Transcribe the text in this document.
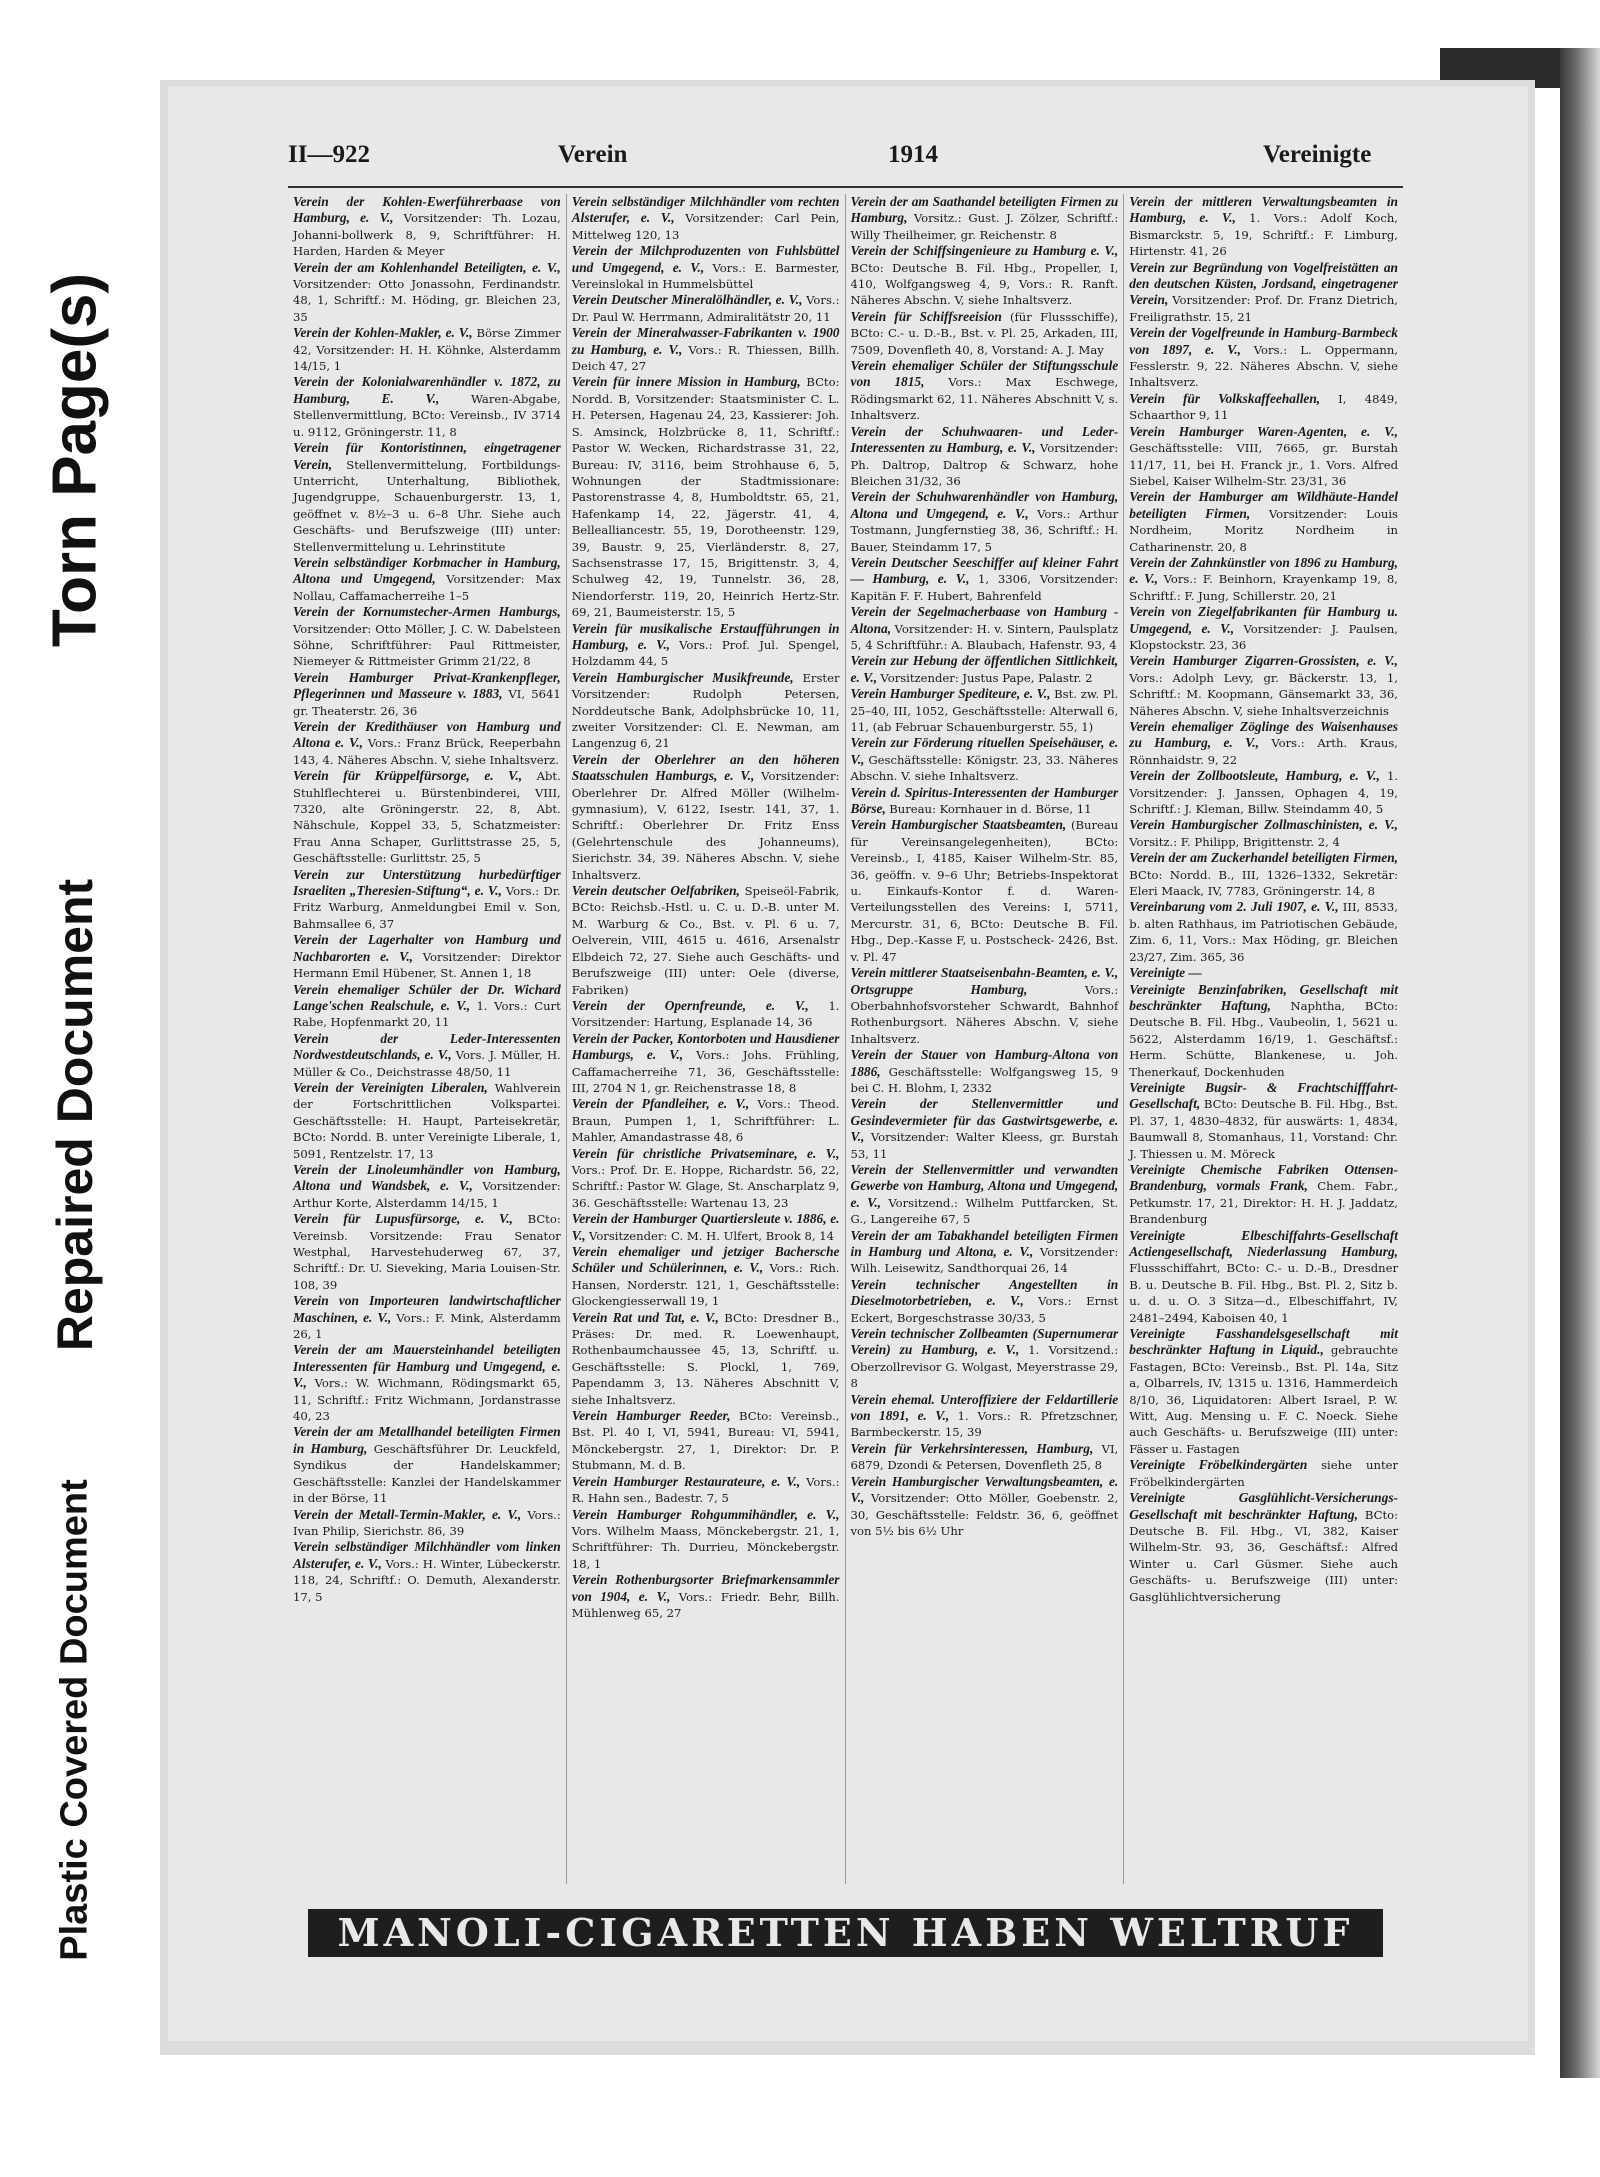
Torn Page(s)
Repaired Document
Plastic Covered Document
II—922	Verein	1914	Vereinigte

Verein der Kohlen-Ewerführerbaase von Hamburg, e. V., Vorsitzender: Th. Lozau, Johanni-bollwerk 8, 9, Schriftführer: H. Harden, Harden & Meyer

Verein der am Kohlenhandel Beteiligten, e. V., Vorsitzender: Otto Jonassohn, Ferdinandstr. 48, 1, Schriftf.: M. Höding, gr. Bleichen 23, 35

Verein der Kohlen-Makler, e. V., Börse Zimmer 42, Vorsitzender: H. H. Köhnke, Alsterdamm 14/15, 1

Verein der Kolonialwarenhändler v. 1872, zu Hamburg, E. V.,	Waren-Abgabe, Stellenvermittlung, BCto: Vereinsb., IV 3714 u. 9112, Gröningerstr. 11, 8

Verein für Kontoristinnen, eingetragener Verein, Stellenvermittelung, Fortbildungs-Unterricht, Unterhaltung, Bibliothek, Jugendgruppe, Schauenburgerstr. 13, 1, geöffnet v. 8½–3 u. 6–8 Uhr. Siehe auch Geschäfts- und Berufszweige (III) unter: Stellenvermittelung u. Lehrinstitute

Verein selbständiger Korbmacher in Hamburg, Altona und Umgegend, Vorsitzender: Max Nollau, Caffamacherreihe 1–5

Verein der Kornumstecher-Armen Hamburgs, Vorsitzender: Otto Möller, J. C. W. Dabelsteen Söhne, Schriftführer: Paul Rittmeister, Niemeyer & Rittmeister Grimm 21/22, 8

Verein Hamburger Privat-Krankenpfleger, Pflegerinnen und Masseure v. 1883, VI, 5641 gr. Theaterstr. 26, 36

Verein der Kredithäuser von Hamburg und Altona e. V., Vors.: Franz Brück, Reeperbahn 143, 4. Näheres Abschn. V, siehe Inhaltsverz.

Verein für Krüppelfürsorge, e. V., Abt. Stuhlflechterei u. Bürstenbinderei, VIII, 7320, alte Gröningerstr. 22, 8, Abt. Nähschule, Koppel 33, 5, Schatzmeister: Frau Anna Schaper, Gurlittstrasse 25, 5, Geschäftsstelle: Gurlittstr. 25, 5

Verein zur Unterstützung hurbedürftiger Israeliten „Theresien-Stiftung“, e. V., Vors.: Dr. Fritz Warburg, Anmeldungbei Emil v. Son, Bahmsallee 6, 37

Verein der Lagerhalter von Hamburg und Nachbarorten e. V., Vorsitzender: Direktor Hermann Emil Hübener, St. Annen 1, 18

Verein ehemaliger Schüler der Dr. Wichard Lange'schen Realschule, e. V., 1. Vors.: Curt Rabe, Hopfenmarkt 20, 11

Verein der Leder-Interessenten Nordwestdeutschlands, e. V., Vors. J. Müller, H. Müller & Co., Deichstrasse 48/50, 11

Verein der Vereinigten Liberalen, Wahlverein der Fortschrittlichen Volkspartei. Geschäftsstelle: H. Haupt, Parteisekretär, BCto: Nordd. B. unter Vereinigte Liberale, 1, 5091, Rentzelstr. 17, 13

Verein der Linoleumhändler von Hamburg, Altona und Wandsbek, e. V., Vorsitzender: Arthur Korte, Alsterdamm 14/15, 1

Verein für Lupusfürsorge, e. V., BCto: Vereinsb. Vorsitzende: Frau Senator Westphal, Harvestehuderweg 67, 37, Schriftf.: Dr. U. Sieveking, Maria Louisen-Str. 108, 39

Verein von Importeuren landwirtschaftlicher Maschinen, e. V., Vors.: F. Mink, Alsterdamm 26, 1

Verein der am Mauersteinhandel beteiligten Interessenten für Hamburg und Umgegend, e. V., Vors.: W. Wichmann, Rödingsmarkt 65, 11, Schriftf.: Fritz Wichmann, Jordanstrasse 40, 23

Verein der am Metallhandel beteiligten Firmen in Hamburg, Geschäftsführer Dr. Leuckfeld, Syndikus der Handelskammer; Geschäftsstelle: Kanzlei der Handelskammer in der Börse, 11

Verein der Metall-Termin-Makler, e. V., Vors.: Ivan Philip, Sierichstr. 86, 39

Verein selbständiger Milchhändler vom linken Alsterufer, e. V., Vors.: H. Winter, Lübeckerstr. 118, 24, Schriftf.: O. Demuth, Alexanderstr. 17, 5

Verein selbständiger Milchhändler vom rechten Alsterufer, e. V., Vorsitzender: Carl Pein, Mittelweg 120, 13

Verein der Milchproduzenten von Fuhlsbüttel und Umgegend, e. V., Vors.: E. Barmester, Vereinslokal in Hummelsbüttel

Verein Deutscher Mineralölhändler, e. V., Vors.: Dr. Paul W. Herrmann, Admiralitätstr 20, 11

Verein der Mineralwasser-Fabrikanten v. 1900 zu Hamburg, e. V., Vors.: R. Thiessen, Billh. Deich 47, 27

Verein für innere Mission in Hamburg, BCto: Nordd. B, Vorsitzender: Staatsminister C. L. H. Petersen, Hagenau 24, 23, Kassierer: Joh. S. Amsinck, Holzbrücke 8, 11, Schriftf.: Pastor W. Wecken, Richardstrasse 31, 22, Bureau: IV, 3116, beim Strohhause 6, 5, Wohnungen der Stadtmissionare: Pastorenstrasse 4, 8, Humboldtstr. 65, 21, Hafenkamp 14, 22, Jägerstr. 41, 4, Bellealliancestr. 55, 19, Dorotheenstr. 129, 39, Baustr. 9, 25, Vierländerstr. 8, 27, Sachsenstrasse 17, 15, Brigittenstr. 3, 4, Schulweg 42, 19, Tunnelstr. 36, 28, Niendorferstr. 119, 20, Heinrich Hertz-Str. 69, 21, Baumeisterstr. 15, 5

Verein für musikalische Erstaufführungen in Hamburg, e. V., Vors.: Prof. Jul. Spengel, Holzdamm 44, 5

Verein Hamburgischer Musikfreunde, Erster Vorsitzender: Rudolph Petersen, Norddeutsche Bank, Adolphsbrücke 10, 11, zweiter Vorsitzender: Cl. E. Newman, am Langenzug 6, 21

Verein der Oberlehrer an den höheren Staatsschulen Hamburgs, e. V., Vorsitzender: Oberlehrer Dr. Alfred Möller (Wilhelm-gymnasium), V, 6122, Isestr. 141, 37, 1. Schriftf.: Oberlehrer Dr. Fritz Enss (Gelehrtenschule des Johanneums), Sierichstr. 34, 39. Näheres Abschn. V, siehe Inhaltsverz.

Verein deutscher Oelfabriken, Speiseöl-Fabrik, BCto: Reichsb.-Hstl. u. C. u. D.-B. unter M. M. Warburg & Co., Bst. v. Pl. 6 u. 7, Oelverein, VIII, 4615 u. 4616, Arsenalstr Elbdeich 72, 27. Siehe auch Geschäfts- und Berufszweige (III) unter: Oele (diverse, Fabriken)

Verein der Opernfreunde, e. V., 1. Vorsitzender: Hartung, Esplanade 14, 36

Verein der Packer, Kontorboten und Hausdiener Hamburgs, e. V., Vors.: Johs. Frühling, Caffamacherreihe 71, 36, Geschäftsstelle: III, 2704 N 1, gr. Reichenstrasse 18, 8

Verein der Pfandleiher, e. V., Vors.: Theod. Braun, Pumpen 1, 1, Schriftführer: L. Mahler, Amandastrasse 48, 6

Verein für christliche Privatseminare, e. V., Vors.: Prof. Dr. E. Hoppe, Richardstr. 56, 22, Schriftf.: Pastor W. Glage, St. Anscharplatz 9, 36. Geschäftsstelle: Wartenau 13, 23

Verein der Hamburger Quartiersleute v. 1886, e. V., Vorsitzender: C. M. H. Ulfert, Brook 8, 14

Verein ehemaliger und jetziger Bachersche Schüler und Schülerinnen, e. V., Vors.: Rich. Hansen, Norderstr. 121, 1, Geschäftsstelle: Glockengiesserwall 19, 1

Verein Rat und Tat, e. V., BCto: Dresdner B., Präses: Dr. med. R. Loewenhaupt, Rothenbaumchaussee 45, 13, Schriftf. u. Geschäftsstelle: S. Plockl, 1, 769, Papendamm 3, 13. Näheres Abschnitt V, siehe Inhaltsverz.

Verein Hamburger Reeder, BCto: Vereinsb., Bst. Pl. 40 I, VI, 5941, Bureau: VI, 5941, Mönckebergstr. 27, 1, Direktor: Dr. P. Stubmann, M. d. B.

Verein Hamburger Restaurateure, e. V., Vors.: R. Hahn sen., Badestr. 7, 5

Verein Hamburger Rohgummihändler, e. V., Vors. Wilhelm Maass, Mönckebergstr. 21, 1, Schriftführer: Th. Durrieu, Mönckebergstr. 18, 1

Verein Rothenburgsorter Briefmarkensammler von 1904, e. V., Vors.: Friedr. Behr, Billh. Mühlenweg 65, 27

Verein der am Saathandel beteiligten Firmen zu Hamburg, Vorsitz.: Gust. J. Zölzer, Schriftf.: Willy Theilheimer, gr. Reichenstr. 8

Verein der Schiffsingenieure zu Hamburg e. V., BCto: Deutsche B. Fil. Hbg., Propeller, I, 410, Wolfgangsweg 4, 9, Vors.: R. Ranft. Näheres Abschn. V, siehe Inhaltsverz.

Verein für Schiffsreeision (für Flussschiffe), BCto: C.- u. D.-B., Bst. v. Pl. 25, Arkaden, III, 7509, Dovenfleth 40, 8, Vorstand: A. J. May

Verein ehemaliger Schüler der Stiftungsschule von 1815, Vors.: Max Eschwege, Rödingsmarkt 62, 11. Näheres Abschnitt V, s. Inhaltsverz.

Verein der Schuhwaaren- und Leder-Interessenten zu Hamburg, e. V., Vorsitzender: Ph. Daltrop, Daltrop & Schwarz, hohe Bleichen 31/32, 36

Verein der Schuhwarenhändler von Hamburg, Altona und Umgegend, e. V., Vors.: Arthur Tostmann, Jungfernstieg 38, 36, Schriftf.: H. Bauer, Steindamm 17, 5

Verein Deutscher Seeschiffer auf kleiner Fahrt — Hamburg, e. V., 1, 3306, Vorsitzender: Kapitän F. F. Hubert, Bahrenfeld

Verein der Segelmacherbaase von Hamburg - Altona, Vorsitzender: H. v. Sintern, Paulsplatz 5, 4 Schriftführ.: A. Blaubach, Hafenstr. 93, 4

Verein zur Hebung der öffentlichen Sittlichkeit, e. V., Vorsitzender: Justus Pape, Palastr. 2

Verein Hamburger Spediteure, e. V., Bst. zw. Pl. 25–40, III, 1052, Geschäftsstelle: Alterwall 6, 11, (ab Februar Schauenburgerstr. 55, 1)

Verein zur Förderung rituellen Speisehäuser, e. V., Geschäftsstelle: Königstr. 23, 33. Näheres Abschn. V. siehe Inhaltsverz.

Verein d. Spiritus-Interessenten der Hamburger Börse, Bureau: Kornhauer in d. Börse, 11

Verein Hamburgischer Staatsbeamten, (Bureau für Vereinsangelegenheiten), BCto: Vereinsb., I, 4185, Kaiser Wilhelm-Str. 85, 36, geöffn. v. 9–6 Uhr; Betriebs-Inspektorat u. Einkaufs-Kontor f. d. Waren-Verteilungsstellen des Vereins: I, 5711, Mercurstr. 31, 6, BCto: Deutsche B. Fil. Hbg., Dep.-Kasse F, u. Postscheck- 2426, Bst. v. Pl. 47

Verein mittlerer Staatseisenbahn-Beamten, e. V., Ortsgruppe Hamburg,	Vors.: Oberbahnhofsvorsteher Schwardt, Bahnhof Rothenburgsort. Näheres Abschn. V, siehe Inhaltsverz.

Verein der Stauer von Hamburg-Altona von 1886, Geschäftsstelle: Wolfgangsweg 15, 9 bei C. H. Blohm, I, 2332

Verein der Stellenvermittler und Gesindevermieter für das Gastwirtsgewerbe, e. V., Vorsitzender: Walter Kleess, gr. Burstah 53, 11

Verein der Stellenvermittler und verwandten Gewerbe von Hamburg, Altona und Umgegend, e. V., Vorsitzend.: Wilhelm Puttfarcken, St. G., Langereihe 67, 5

Verein der am Tabakhandel beteiligten Firmen in Hamburg und Altona, e. V., Vorsitzender: Wilh. Leisewitz, Sandthorquai 26, 14

Verein technischer Angestellten in Dieselmotorbetrieben, e. V., Vors.: Ernst Eckert, Borgeschstrasse 30/33, 5

Verein technischer Zollbeamten (Supernumerar Verein) zu Hamburg, e. V., 1. Vorsitzend.: Oberzollrevisor G. Wolgast, Meyerstrasse 29, 8

Verein ehemal. Unteroffiziere der Feldartillerie von 1891, e. V., 1. Vors.: R. Pfretzschner, Barmbeckerstr. 15, 39

Verein für Verkehrsinteressen, Hamburg, VI, 6879, Dzondi & Petersen, Dovenfleth 25, 8

Verein Hamburgischer Verwaltungsbeamten, e. V., Vorsitzender: Otto Möller, Goebenstr. 2, 30, Geschäftsstelle: Feldstr. 36, 6, geöffnet von 5½ bis 6½ Uhr

Verein der mittleren Verwaltungsbeamten in Hamburg, e. V., 1. Vors.: Adolf Koch, Bismarckstr. 5, 19, Schriftf.: F. Limburg, Hirtenstr. 41, 26

Verein zur Begründung von Vogelfreistätten an den deutschen Küsten, Jordsand, eingetragener Verein, Vorsitzender: Prof. Dr. Franz Dietrich, Freiligrathstr. 15, 21

Verein der Vogelfreunde in Hamburg-Barmbeck von 1897, e. V., Vors.: L. Oppermann, Fesslerstr. 9, 22. Näheres Abschn. V, siehe Inhaltsverz.

Verein für Volkskaffeehallen, I, 4849, Schaarthor 9, 11

Verein Hamburger Waren-Agenten, e. V., Geschäftsstelle: VIII, 7665, gr. Burstah 11/17, 11, bei H. Franck jr., 1. Vors. Alfred Siebel, Kaiser Wilhelm-Str. 23/31, 36

Verein der Hamburger am Wildhäute-Handel beteiligten Firmen, Vorsitzender: Louis Nordheim, Moritz Nordheim in Catharinenstr. 20, 8

Verein der Zahnkünstler von 1896 zu Hamburg, e. V., Vors.: F. Beinhorn, Krayenkamp 19, 8, Schriftf.: F. Jung, Schillerstr. 20, 21

Verein von Ziegelfabrikanten für Hamburg u. Umgegend, e. V., Vorsitzender: J. Paulsen, Klopstockstr. 23, 36

Verein Hamburger Zigarren-Grossisten, e. V., Vors.: Adolph Levy, gr. Bäckerstr. 13, 1, Schriftf.: M. Koopmann, Gänsemarkt 33, 36, Näheres Abschn. V, siehe Inhaltsverzeichnis

Verein ehemaliger Zöglinge des Waisenhauses zu Hamburg, e. V., Vors.: Arth. Kraus, Rönnhaidstr. 9, 22

Verein der Zollbootsleute, Hamburg, e. V., 1. Vorsitzender: J. Janssen, Ophagen 4, 19, Schriftf.: J. Kleman, Billw. Steindamm 40, 5

Verein Hamburgischer Zollmaschinisten, e. V., Vorsitz.: F. Philipp, Brigittenstr. 2, 4

Verein der am Zuckerhandel beteiligten Firmen, BCto: Nordd. B., III, 1326–1332, Sekretär: Eleri Maack, IV, 7783, Gröningerstr. 14, 8

Vereinbarung vom 2. Juli 1907, e. V., III, 8533, b. alten Rathhaus, im Patriotischen Gebäude, Zim. 6, 11, Vors.: Max Höding, gr. Bleichen 23/27, Zim. 365, 36

Vereinigte —

Vereinigte Benzinfabriken, Gesellschaft mit beschränkter Haftung, Naphtha, BCto: Deutsche B. Fil. Hbg., Vaubeolin, 1, 5621 u. 5622, Alsterdamm 16/19, 1. Geschäftsf.: Herm. Schütte, Blankenese, u. Joh. Thenerkauf, Dockenhuden

Vereinigte Bugsir- & Frachtschifffahrt-Gesellschaft, BCto: Deutsche B. Fil. Hbg., Bst. Pl. 37, 1, 4830–4832, für auswärts: 1, 4834, Baumwall 8, Stomanhaus, 11, Vorstand: Chr. J. Thiessen u. M. Möreck

Vereinigte Chemische Fabriken Ottensen-Brandenburg, vormals Frank, Chem. Fabr., Petkumstr. 17, 21, Direktor: H. H. J. Jaddatz, Brandenburg

Vereinigte Elbeschiffahrts-Gesellschaft Actiengesellschaft, Niederlassung Hamburg, Flussschiffahrt, BCto: C.- u. D.-B., Dresdner B. u. Deutsche B. Fil. Hbg., Bst. Pl. 2, Sitz b. u. d. u. O. 3 Sitza—d., Elbeschiffahrt, IV, 2481–2494, Kaboisen 40, 1

Vereinigte Fasshandelsgesellschaft mit beschränkter Haftung in Liquid., gebrauchte Fastagen, BCto: Vereinsb., Bst. Pl. 14a, Sitz a, Olbarrels, IV, 1315 u. 1316, Hammerdeich 8/10, 36, Liquidatoren: Albert Israel, P. W. Witt, Aug. Mensing u. F. C. Noeck. Siehe auch Geschäfts- u. Berufszweige (III) unter: Fässer u. Fastagen

Vereinigte Fröbelkindergärten siehe unter Fröbelkindergärten

Vereinigte Gasglühlicht-Versicherungs-Gesellschaft mit beschränkter Haftung, BCto: Deutsche B. Fil. Hbg., VI, 382, Kaiser Wilhelm-Str. 93, 36, Geschäftsf.: Alfred Winter u. Carl Güsmer. Siehe auch Geschäfts- u. Berufszweige (III) unter: Gasglühlichtversicherung

MANOLI-CIGARETTEN HABEN WELTRUF
